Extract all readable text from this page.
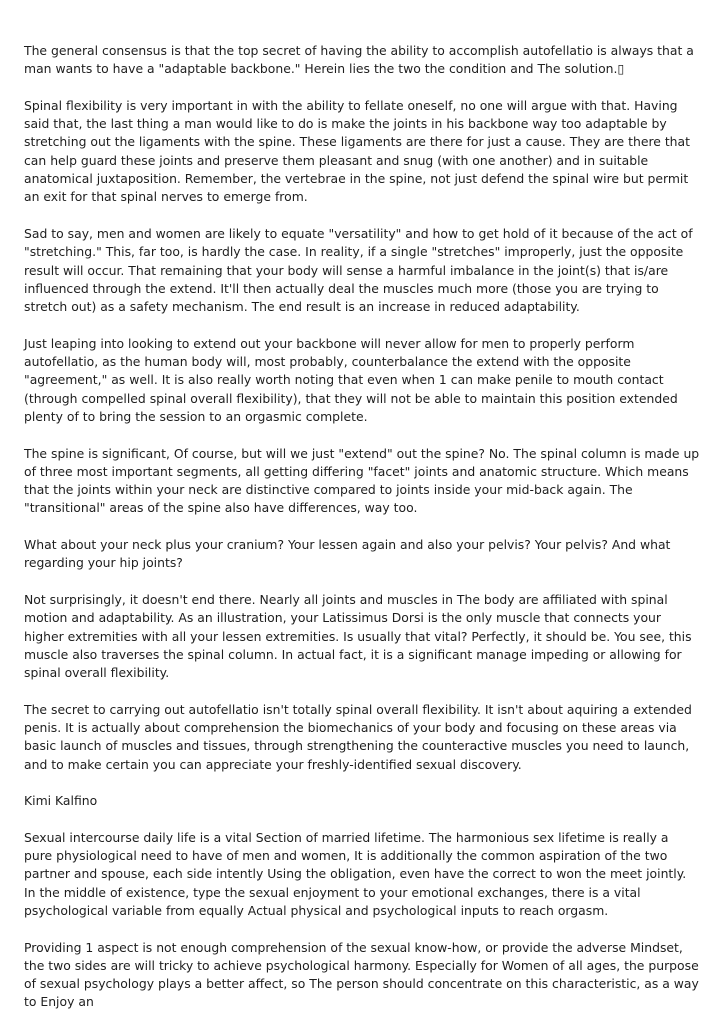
The general consensus is that the top secret of having the ability to accomplish autofellatio is always that a man wants to have a "adaptable backbone." Herein lies the two the condition and The solution.▯

Spinal flexibility is very important in with the ability to fellate oneself, no one will argue with that. Having said that, the last thing a man would like to do is make the joints in his backbone way too adaptable by stretching out the ligaments with the spine. These ligaments are there for just a cause. They are there that can help guard these joints and preserve them pleasant and snug (with one another) and in suitable anatomical juxtaposition. Remember, the vertebrae in the spine, not just defend the spinal wire but permit an exit for that spinal nerves to emerge from.

Sad to say, men and women are likely to equate "versatility" and how to get hold of it because of the act of "stretching." This, far too, is hardly the case. In reality, if a single "stretches" improperly, just the opposite result will occur. That remaining that your body will sense a harmful imbalance in the joint(s) that is/are influenced through the extend. It'll then actually deal the muscles much more (those you are trying to stretch out) as a safety mechanism. The end result is an increase in reduced adaptability.

Just leaping into looking to extend out your backbone will never allow for men to properly perform autofellatio, as the human body will, most probably, counterbalance the extend with the opposite "agreement," as well. It is also really worth noting that even when 1 can make penile to mouth contact (through compelled spinal overall flexibility), that they will not be able to maintain this position extended plenty of to bring the session to an orgasmic complete.

The spine is significant, Of course, but will we just "extend" out the spine? No. The spinal column is made up of three most important segments, all getting differing "facet" joints and anatomic structure. Which means that the joints within your neck are distinctive compared to joints inside your mid-back again. The "transitional" areas of the spine also have differences, way too.

What about your neck plus your cranium? Your lessen again and also your pelvis? Your pelvis? And what regarding your hip joints?

Not surprisingly, it doesn't end there. Nearly all joints and muscles in The body are affiliated with spinal motion and adaptability. As an illustration, your Latissimus Dorsi is the only muscle that connects your higher extremities with all your lessen extremities. Is usually that vital? Perfectly, it should be. You see, this muscle also traverses the spinal column. In actual fact, it is a significant manage impeding or allowing for spinal overall flexibility.

The secret to carrying out autofellatio isn't totally spinal overall flexibility. It isn't about aquiring a extended penis. It is actually about comprehension the biomechanics of your body and focusing on these areas via basic launch of muscles and tissues, through strengthening the counteractive muscles you need to launch, and to make certain you can appreciate your freshly-identified sexual discovery.

Kimi Kalfino

Sexual intercourse daily life is a vital Section of married lifetime. The harmonious sex lifetime is really a pure physiological need to have of men and women, It is additionally the common aspiration of the two partner and spouse, each side intently Using the obligation, even have the correct to won the meet jointly. In the middle of existence, type the sexual enjoyment to your emotional exchanges, there is a vital psychological variable from equally Actual physical and psychological inputs to reach orgasm.

Providing 1 aspect is not enough comprehension of the sexual know-how, or provide the adverse Mindset, the two sides are will tricky to achieve psychological harmony. Especially for Women of all ages, the purpose of sexual psychology plays a better affect, so The person should concentrate on this characteristic, as a way to Enjoy an
